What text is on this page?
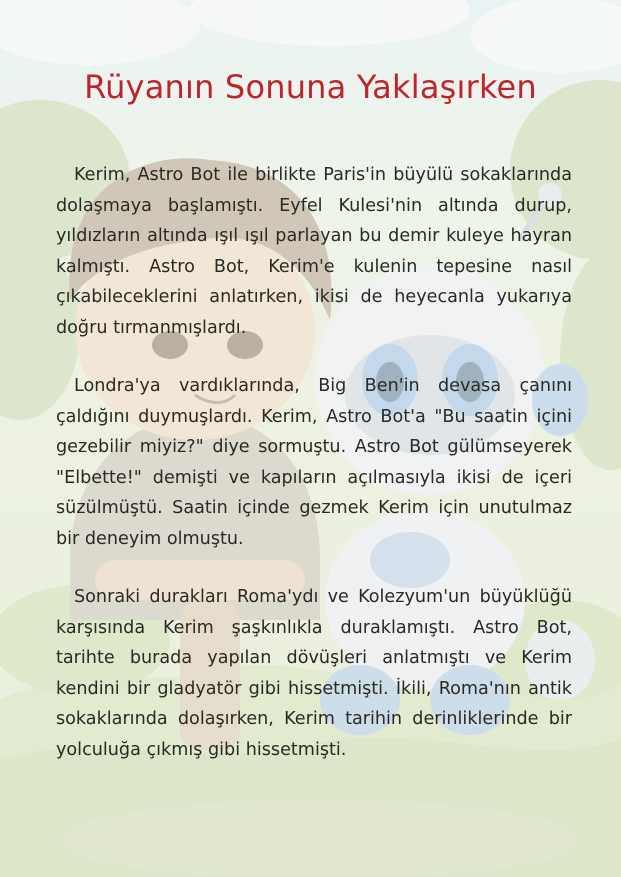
Rüyanın Sonuna Yaklaşırken

Kerim, Astro Bot ile birlikte Paris'in büyülü sokaklarında dolaşmaya başlamıştı. Eyfel Kulesi'nin altında durup, yıldızların altında ışıl ışıl parlayan bu demir kuleye hayran kalmıştı. Astro Bot, Kerim'e kulenin tepesine nasıl çıkabileceklerini anlatırken, ikisi de heyecanla yukarıya doğru tırmanmışlardı.

Londra'ya vardıklarında, Big Ben'in devasa çanını çaldığını duymuşlardı. Kerim, Astro Bot'a "Bu saatin içini gezebilir miyiz?" diye sormuştu. Astro Bot gülümseyerek "Elbette!" demişti ve kapıların açılmasıyla ikisi de içeri süzülmüştü. Saatin içinde gezmek Kerim için unutulmaz bir deneyim olmuştu.

Sonraki durakları Roma'ydı ve Kolezyum'un büyüklüğü karşısında Kerim şaşkınlıkla duraklamıştı. Astro Bot, tarihte burada yapılan dövüşleri anlatmıştı ve Kerim kendini bir gladyatör gibi hissetmişti. İkili, Roma'nın antik sokaklarında dolaşırken, Kerim tarihin derinliklerinde bir yolculuğa çıkmış gibi hissetmişti.
